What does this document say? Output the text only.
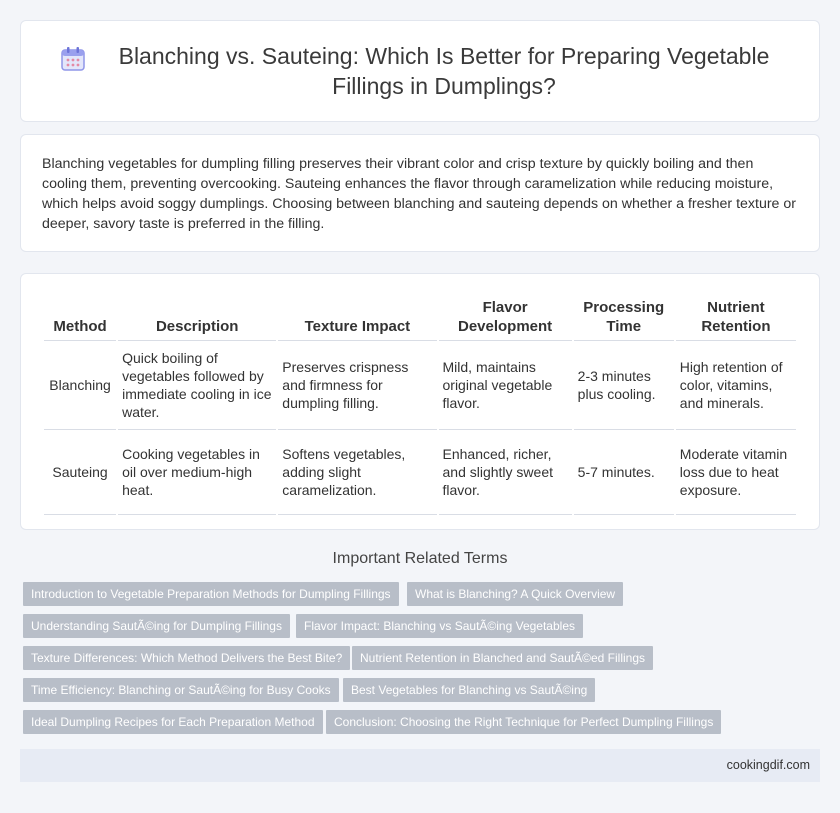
Blanching vs. Sauteing: Which Is Better for Preparing Vegetable Fillings in Dumplings?

Blanching vegetables for dumpling filling preserves their vibrant color and crisp texture by quickly boiling and then cooling them, preventing overcooking. Sauteing enhances the flavor through caramelization while reducing moisture, which helps avoid soggy dumplings. Choosing between blanching and sauteing depends on whether a fresher texture or deeper, savory taste is preferred in the filling.

Method	Description	Texture Impact	Flavor Development	Processing Time	Nutrient Retention
Blanching	Quick boiling of vegetables followed by immediate cooling in ice water.	Preserves crispness and firmness for dumpling filling.	Mild, maintains original vegetable flavor.	2-3 minutes plus cooling.	High retention of color, vitamins, and minerals.
Sauteing	Cooking vegetables in oil over medium-high heat.	Softens vegetables, adding slight caramelization.	Enhanced, richer, and slightly sweet flavor.	5-7 minutes.	Moderate vitamin loss due to heat exposure.
Important Related Terms
Introduction to Vegetable Preparation Methods for Dumpling Fillings	What is Blanching? A Quick Overview
Understanding SautÃ©ing for Dumpling Fillings	Flavor Impact: Blanching vs SautÃ©ing Vegetables
Texture Differences: Which Method Delivers the Best Bite?	Nutrient Retention in Blanched and SautÃ©ed Fillings
Time Efficiency: Blanching or SautÃ©ing for Busy Cooks	Best Vegetables for Blanching vs SautÃ©ing
Ideal Dumpling Recipes for Each Preparation Method	Conclusion: Choosing the Right Technique for Perfect Dumpling Fillings
cookingdif.com
